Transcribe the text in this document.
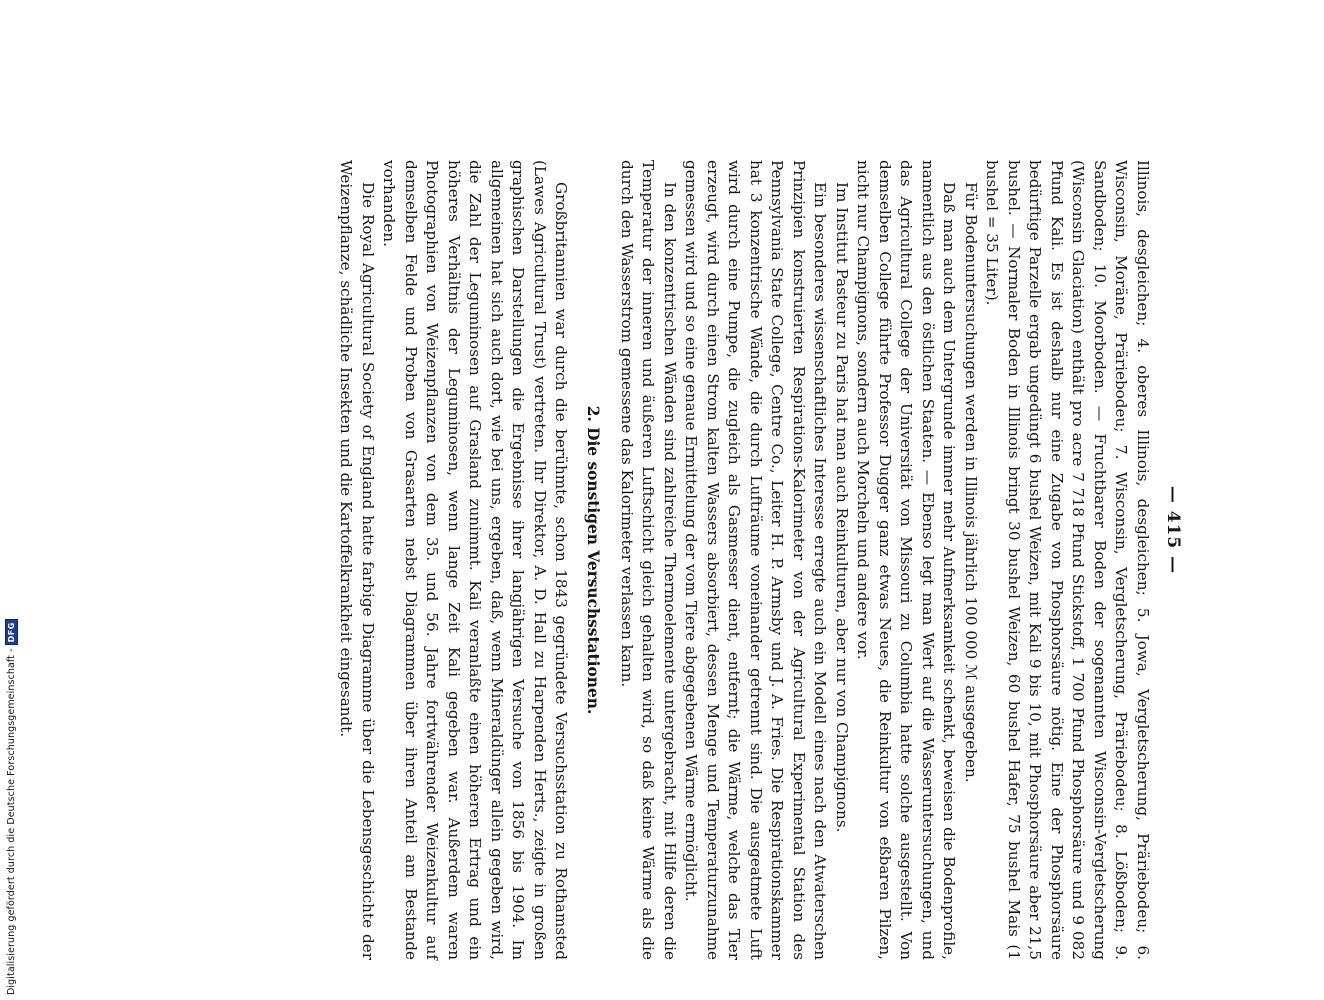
— 415 —

Illinois, desgleichen; 4. oberes Illinois, desgleichen; 5. Jowa, Vergletscherung, Präriebodeu; 6. Wisconsin, Moräne, Präriebodeu; 7. Wisconsin, Vergletscherung, Präriebodeu; 8. Lößboden; 9. Sandboden; 10. Moorboden. — Fruchtbarer Boden der sogenannten Wisconsin-Vergletscherung (Wisconsin Glaciation) enthält pro acre 7 718 Pfund Stickstoff, 1 700 Pfund Phosphorsäure und 9 082 Pfund Kali. Es ist deshalb nur eine Zugabe von Phosphorsäure nötig. Eine der Phosphorsäure bedürftige Parzelle ergab ungedüngt 6 bushel Weizen, mit Kali 9 bis 10, mit Phosphorsäure aber 21,5 bushel. — Normaler Boden in Illinois bringt 30 bushel Weizen, 60 bushel Hafer, 75 bushel Mais (1 bushel = 35 Liter).

Für Bodenuntersuchungen werden in Illinois jährlich 100 000 ℳ ausgegeben.

Daß man auch dem Untergrunde immer mehr Aufmerksamkeit schenkt, beweisen die Bodenprofile, namentlich aus den östlichen Staaten. — Ebenso legt man Wert auf die Wasseruntersuchungen, und das Agricultural College der Universität von Missouri zu Columbia hatte solche ausgestellt. Von demselben College führte Professor Dugger ganz etwas Neues, die Reinkultur von eßbaren Pilzen, nicht nur Champignons, sondern auch Morcheln und andere vor.

Im Institut Pasteur zu Paris hat man auch Reinkulturen, aber nur von Champignons.

Ein besonderes wissenschaftliches Interesse erregte auch ein Modell eines nach den Atwaterschen Prinzipien konstruierten Respirations-Kalorimeter von der Agricultural Experimental Station des Pennsylvania State College, Centre Co., Leiter H. P. Armsby und J. A. Fries. Die Respirationskammer hat 3 konzentrische Wände, die durch Lufträume voneinander getrennt sind. Die ausgeatmete Luft wird durch eine Pumpe, die zugleich als Gasmesser dient, entfernt; die Wärme, welche das Tier erzeugt, wird durch einen Strom kalten Wassers absorbiert, dessen Menge und Temperaturzunahme gemessen wird und so eine genaue Ermittelung der vom Tiere abgegebenen Wärme ermöglicht.

In den konzentrischen Wänden sind zahlreiche Thermoelemente untergebracht, mit Hilfe deren die Temperatur der inneren und äußeren Luftschicht gleich gehalten wird, so daß keine Wärme als die durch den Wasserstrom gemessene das Kalorimeter verlassen kann.

2. Die sonstigen Versuchsstationen.

Großbritannien war durch die berühmte, schon 1843 gegründete Versuchsstation zu Rothamsted (Lawes Agricultural Trust) vertreten. Ihr Direktor, A. D. Hall zu Harpenden Herts., zeigte in großen graphischen Darstellungen die Ergebnisse ihrer langjährigen Versuche von 1856 bis 1904. Im allgemeinen hat sich auch dort, wie bei uns, ergeben, daß, wenn Mineraldünger allein gegeben wird, die Zahl der Leguminosen auf Grasland zunimmt. Kali veranlaßte einen höheren Ertrag und ein höheres Verhältnis der Leguminosen, wenn lange Zeit Kali gegeben war. Außerdem waren Photographien von Weizenpflanzen von dem 35. und 56. Jahre fortwährender Weizenkultur auf demselben Felde und Proben von Grasarten nebst Diagrammen über ihren Anteil am Bestande vorhanden.

Die Royal Agricultural Society of England hatte farbige Diagramme über die Lebensgeschichte der Weizenpflanze, schädliche Insekten und die Kartoffelkrankheit eingesandt.

Digitalisierung gefördert durch die Deutsche Forschungsgemeinschaft -
DFG
